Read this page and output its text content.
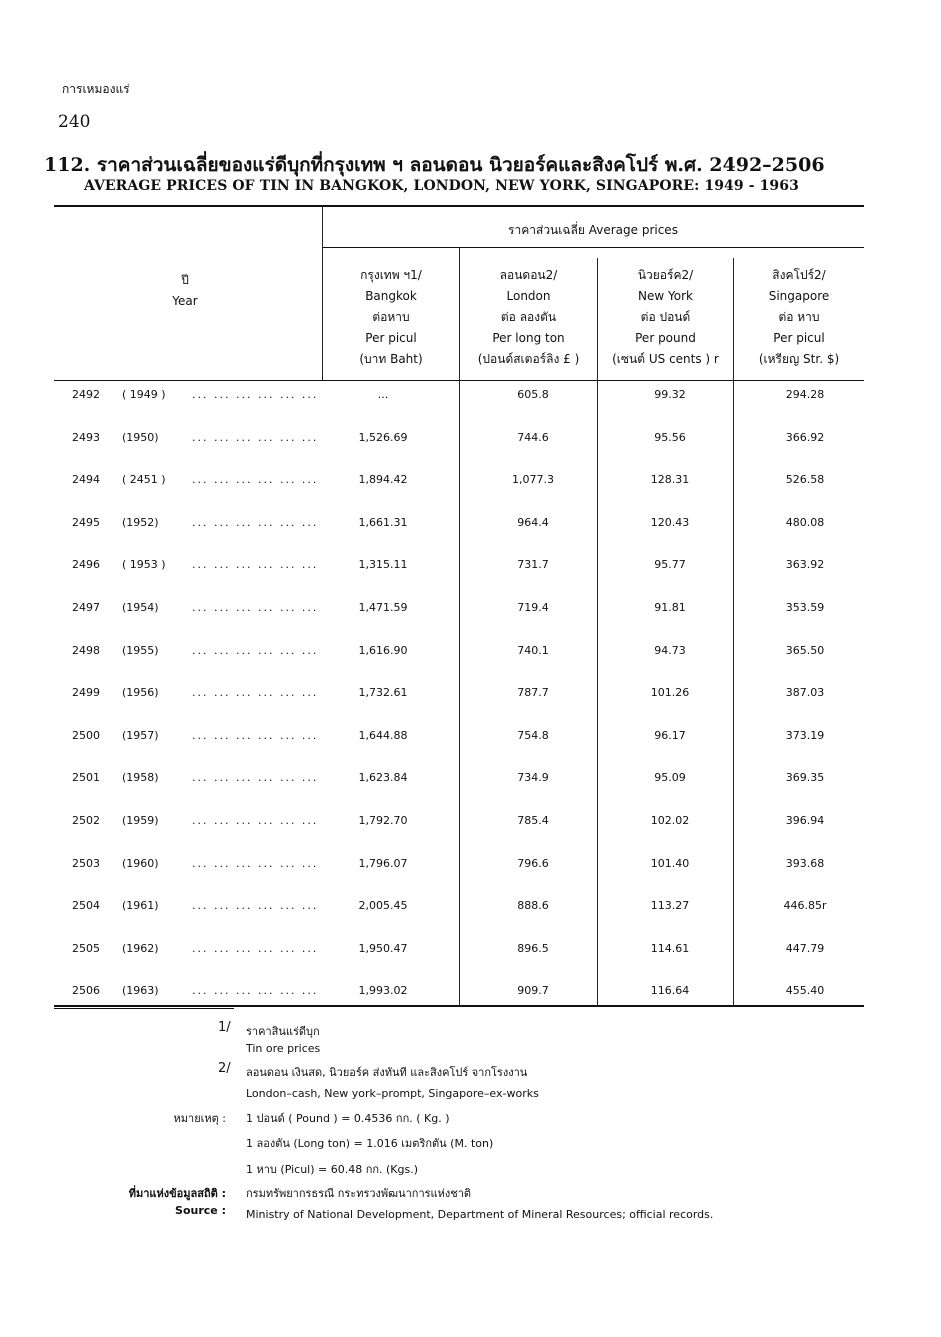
การเหมองแร่
240
112. ราคาส่วนเฉลี่ยของแร่ดีบุกที่กรุงเทพ ฯ ลอนดอน นิวยอร์คและสิงคโปร์ พ.ศ. 2492–2506
AVERAGE PRICES OF TIN IN BANGKOK, LONDON, NEW YORK, SINGAPORE: 1949 - 1963
ราคาส่วนเฉลี่ย Average prices
ปี
Year
กรุงเทพ ฯ1/
Bangkok
ต่อหาบ
Per picul
(บาท Baht)
ลอนดอน2/
London
ต่อ ลองตัน
Per long ton
(ปอนด์สเตอร์ลิง £ )
นิวยอร์ค2/
New York
ต่อ ปอนด์
Per pound
(เซนต์ US cents ) r
สิงคโปร์2/
Singapore
ต่อ หาบ
Per picul
(เหรียญ Str. $)
2492 ( 1949 ) ... ... ... ... ... ...	...	605.8	99.32	294.28
2493 (1950)	... ... ... ... ... ...	1,526.69	744.6	95.56	366.92
2494 ( 2451 ) ... ... ... ... ... ...	1,894.42	1,077.3	128.31	526.58
2495 (1952)	... ... ... ... ... ...	1,661.31	964.4	120.43	480.08
2496 ( 1953 ) ... ... ... ... ... ...	1,315.11	731.7	95.77	363.92
2497 (1954)	... ... ... ... ... ...	1,471.59	719.4	91.81	353.59
2498 (1955)	... ... ... ... ... ...	1,616.90	740.1	94.73	365.50
2499 (1956)	... ... ... ... ... ...	1,732.61	787.7	101.26	387.03
2500 (1957)	... ... ... ... ... ...	1,644.88	754.8	96.17	373.19
2501 (1958)	... ... ... ... ... ...	1,623.84	734.9	95.09	369.35
2502 (1959)	... ... ... ... ... ...	1,792.70	785.4	102.02	396.94
2503 (1960)	... ... ... ... ... ...	1,796.07	796.6	101.40	393.68
2504 (1961)	... ... ... ... ... ...	2,005.45	888.6	113.27	446.85r
2505 (1962)	... ... ... ... ... ...	1,950.47	896.5	114.61	447.79
2506 (1963)	... ... ... ... ... ...	1,993.02	909.7	116.64	455.40
1/ ราคาสินแร่ดีบุก
Tin ore prices
2/ ลอนดอน เงินสด, นิวยอร์ค ส่งทันที และสิงคโปร์ จากโรงงาน
London–cash, New york–prompt, Singapore–ex-works
หมายเหตุ : 1 ปอนด์ ( Pound ) = 0.4536 กก. ( Kg. )
1 ลองตัน (Long ton) = 1.016 เมตริกตัน (M. ton)
1 หาบ (Picul) = 60.48 กก. (Kgs.)
ที่มาแห่งข้อมูลสถิติ : กรมทรัพยากรธรณี กระทรวงพัฒนาการแห่งชาติ
Source : Ministry of National Development, Department of Mineral Resources; official records.
